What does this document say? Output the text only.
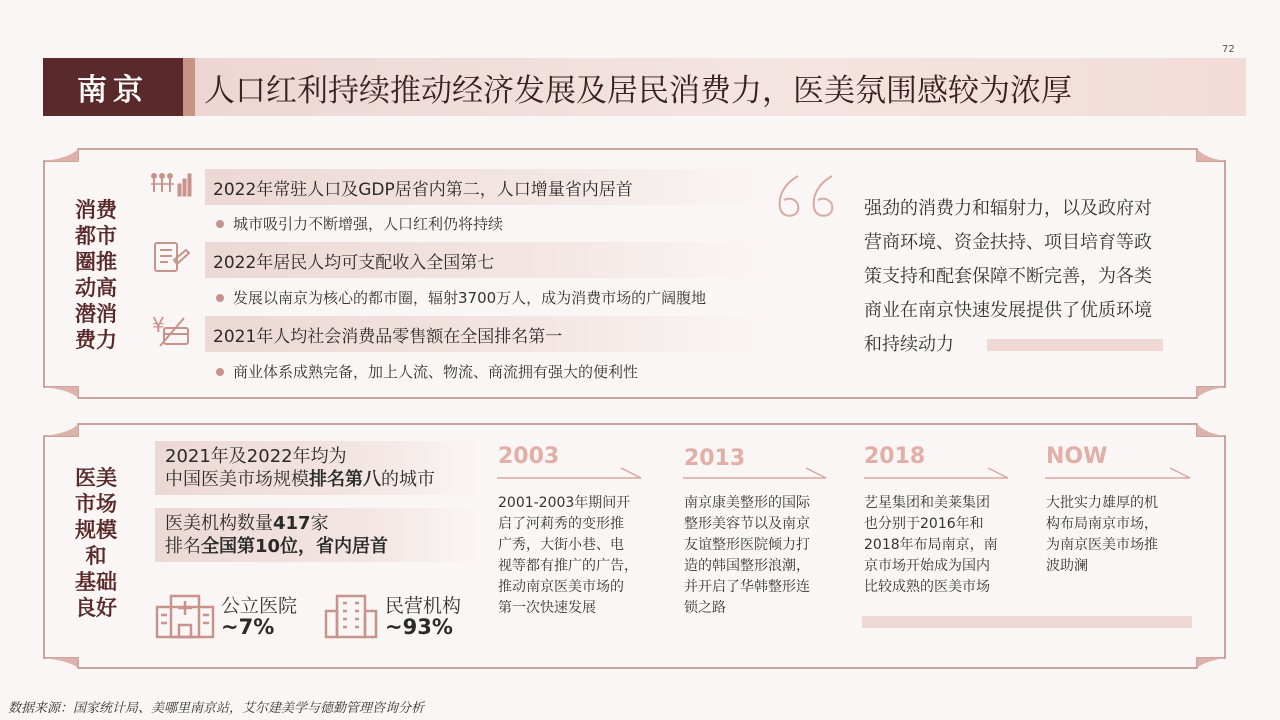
72
南京	人口红利持续推动经济发展及居民消费力，医美氛围感较为浓厚
消费
都市
圈推
动高
潜消
费力
¥
2022年常驻人口及GDP居省内第二，人口增量省内居首
城市吸引力不断增强，人口红利仍将持续
2022年居民人均可支配收入全国第七
发展以南京为核心的都市圈，辐射3700万人，成为消费市场的广阔腹地
2021年人均社会消费品零售额在全国排名第一
商业体系成熟完备，加上人流、物流、商流拥有强大的便利性
强劲的消费力和辐射力，以及政府对
营商环境、资金扶持、项目培育等政
策支持和配套保障不断完善，为各类
商业在南京快速发展提供了优质环境
和持续动力
医美
市场
规模
和
基础
良好
2021年及2022年均为
中国医美市场规模排名第八的城市
医美机构数量417家
排名全国第10位，省内居首
公立医院
~7%
民营机构
~93%
2003
2001-2003年期间开
启了河莉秀的变形推
广秀，大街小巷、电
视等都有推广的广告，
推动南京医美市场的
第一次快速发展
2013
南京康美整形的国际
整形美容节以及南京
友谊整形医院倾力打
造的韩国整形浪潮，
并开启了华韩整形连
锁之路
2018
艺星集团和美莱集团
也分别于2016年和
2018年布局南京，南
京市场开始成为国内
比较成熟的医美市场
NOW
大批实力雄厚的机
构布局南京市场，
为南京医美市场推
波助澜
数据来源：国家统计局、美哪里南京站，艾尔建美学与德勤管理咨询分析
